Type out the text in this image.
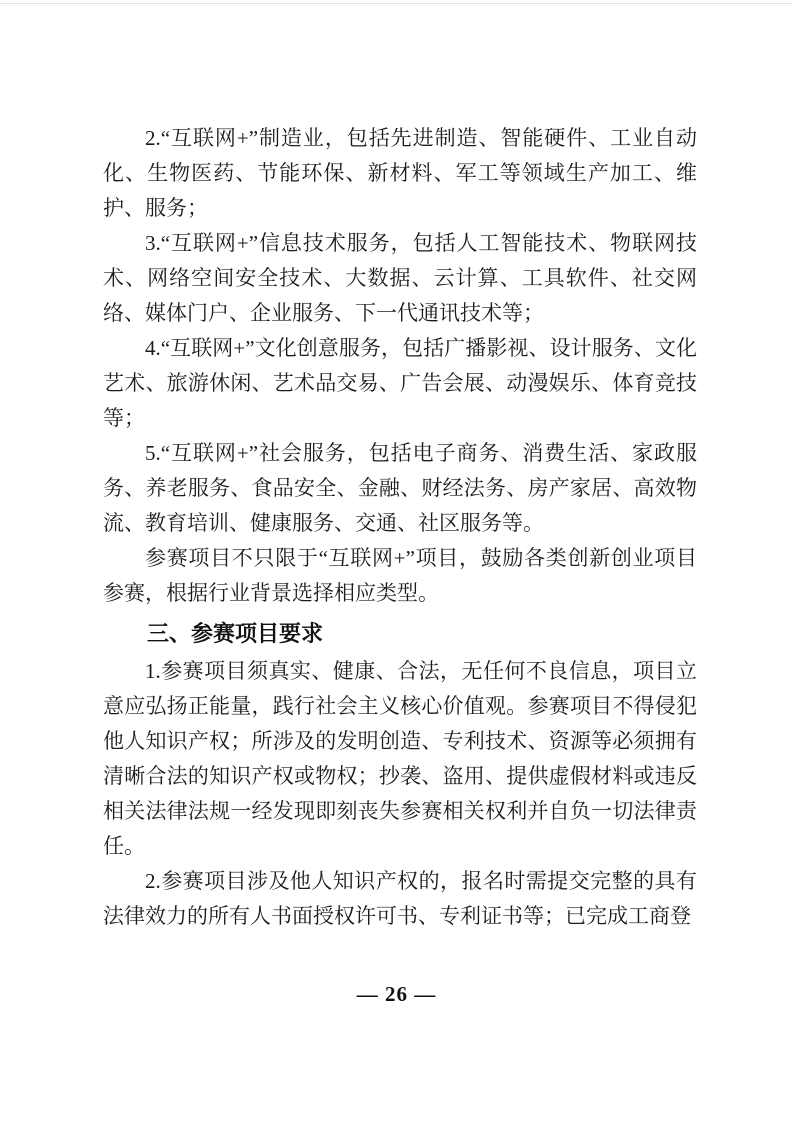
2.“互联网+”制造业，包括先进制造、智能硬件、工业自动化、生物医药、节能环保、新材料、军工等领域生产加工、维护、服务；

3.“互联网+”信息技术服务，包括人工智能技术、物联网技术、网络空间安全技术、大数据、云计算、工具软件、社交网络、媒体门户、企业服务、下一代通讯技术等；

4.“互联网+”文化创意服务，包括广播影视、设计服务、文化艺术、旅游休闲、艺术品交易、广告会展、动漫娱乐、体育竞技等；

5.“互联网+”社会服务，包括电子商务、消费生活、家政服务、养老服务、食品安全、金融、财经法务、房产家居、高效物流、教育培训、健康服务、交通、社区服务等。

参赛项目不只限于“互联网+”项目，鼓励各类创新创业项目参赛，根据行业背景选择相应类型。

三、参赛项目要求

1.参赛项目须真实、健康、合法，无任何不良信息，项目立意应弘扬正能量，践行社会主义核心价值观。参赛项目不得侵犯他人知识产权；所涉及的发明创造、专利技术、资源等必须拥有清晰合法的知识产权或物权；抄袭、盗用、提供虚假材料或违反相关法律法规一经发现即刻丧失参赛相关权利并自负一切法律责任。

2.参赛项目涉及他人知识产权的，报名时需提交完整的具有法律效力的所有人书面授权许可书、专利证书等；已完成工商登

— 26 —
